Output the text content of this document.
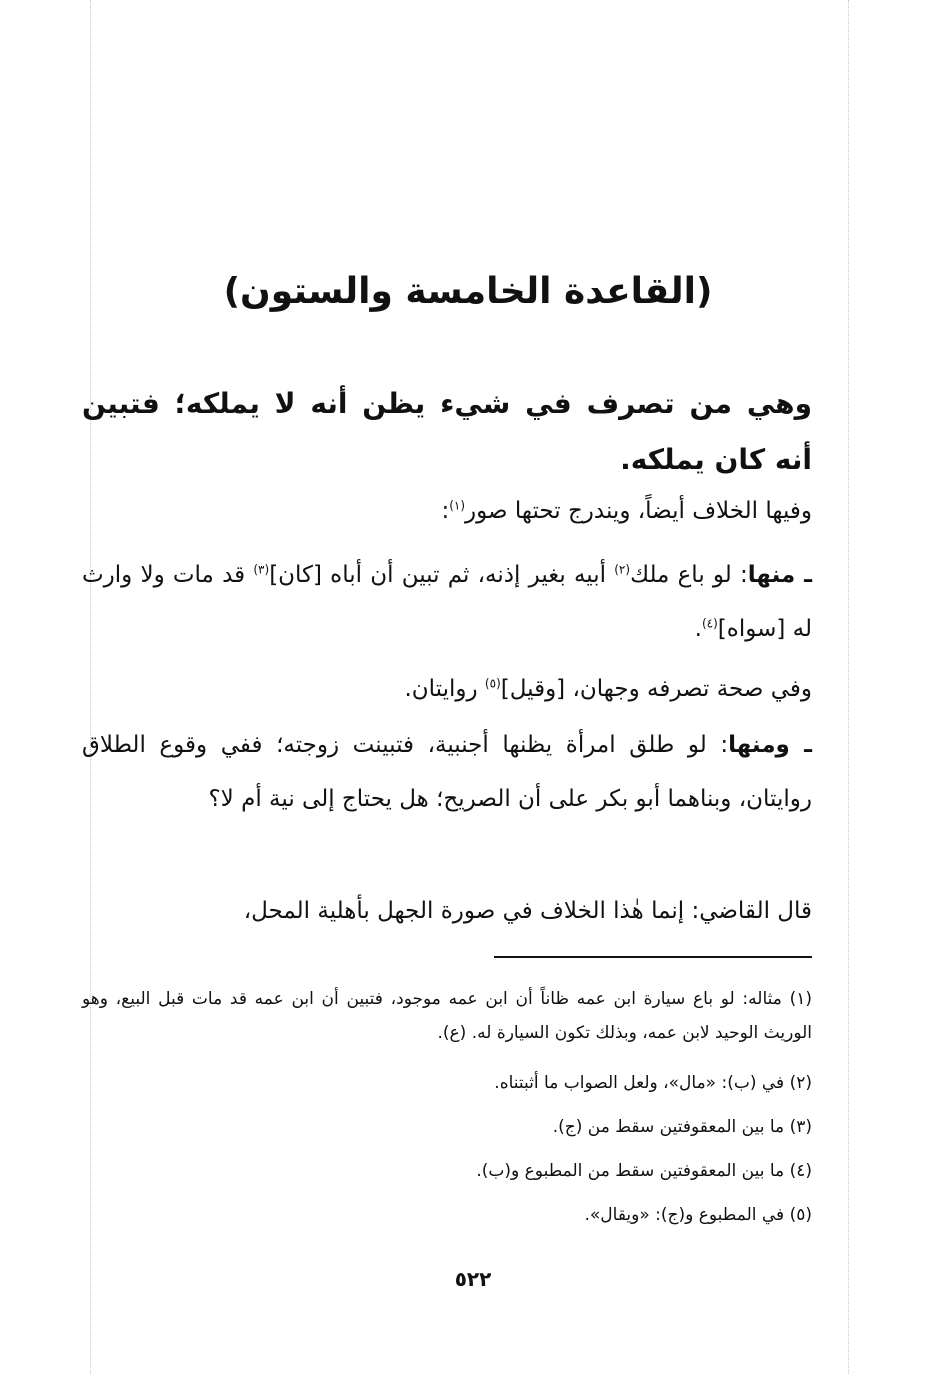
(القاعدة الخامسة والستون)
وهي من تصرف في شيء يظن أنه لا يملكه؛ فتبين أنه كان يملكه.
وفيها الخلاف أيضاً، ويندرج تحتها صور$^{(١)}$:
ـ منها: لو باع ملك$^{(٢)}$ أبيه بغير إذنه، ثم تبين أن أباه [كان]$^{(٣)}$ قد مات ولا وارث له [سواه]$^{(٤)}$.
وفي صحة تصرفه وجهان، [وقيل]$^{(٥)}$ روايتان.
ـ ومنها: لو طلق امرأة يظنها أجنبية، فتبينت زوجته؛ ففي وقوع الطلاق روايتان، وبناهما أبو بكر على أن الصريح؛ هل يحتاج إلى نية أم لا؟
قال القاضي: إنما هٰذا الخلاف في صورة الجهل بأهلية المحل،
(١) مثاله: لو باع سيارة ابن عمه ظاناً أن ابن عمه موجود، فتبين أن ابن عمه قد مات قبل البيع، وهو الوريث الوحيد لابن عمه، وبذلك تكون السيارة له. (ع).
(٢) في (ب): «مال»، ولعل الصواب ما أثبتناه.
(٣) ما بين المعقوفتين سقط من (ج).
(٤) ما بين المعقوفتين سقط من المطبوع و(ب).
(٥) في المطبوع و(ج): «ويقال».
٥٢٢
